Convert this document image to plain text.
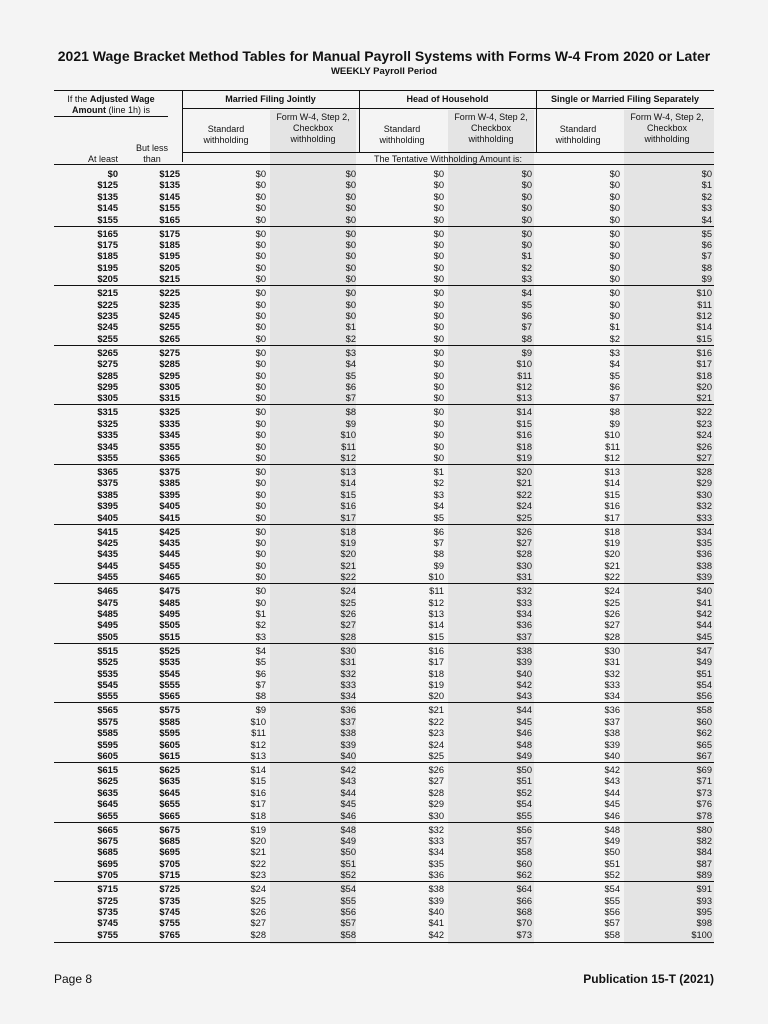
2021 Wage Bracket Method Tables for Manual Payroll Systems with Forms W-4 From 2020 or Later
WEEKLY Payroll Period
If the Adjusted Wage
Amount (line 1h) is
At least
But less
than
Married Filing Jointly	Head of Household	Single or Married Filing Separately
Standard
withholding
Form W-4, Step 2,
Checkbox
withholding
Standard
withholding
Form W-4, Step 2,
Checkbox
withholding
Standard
withholding
Form W-4, Step 2,
Checkbox
withholding
The Tentative Withholding Amount is:
$0	$125	$0	$0	$0	$0	$0	$0
$125	$135	$0	$0	$0	$0	$0	$1
$135	$145	$0	$0	$0	$0	$0	$2
$145	$155	$0	$0	$0	$0	$0	$3
$155	$165	$0	$0	$0	$0	$0	$4
$165	$175	$0	$0	$0	$0	$0	$5
$175	$185	$0	$0	$0	$0	$0	$6
$185	$195	$0	$0	$0	$1	$0	$7
$195	$205	$0	$0	$0	$2	$0	$8
$205	$215	$0	$0	$0	$3	$0	$9
$215	$225	$0	$0	$0	$4	$0	$10
$225	$235	$0	$0	$0	$5	$0	$11
$235	$245	$0	$0	$0	$6	$0	$12
$245	$255	$0	$1	$0	$7	$1	$14
$255	$265	$0	$2	$0	$8	$2	$15
$265	$275	$0	$3	$0	$9	$3	$16
$275	$285	$0	$4	$0	$10	$4	$17
$285	$295	$0	$5	$0	$11	$5	$18
$295	$305	$0	$6	$0	$12	$6	$20
$305	$315	$0	$7	$0	$13	$7	$21
$315	$325	$0	$8	$0	$14	$8	$22
$325	$335	$0	$9	$0	$15	$9	$23
$335	$345	$0	$10	$0	$16	$10	$24
$345	$355	$0	$11	$0	$18	$11	$26
$355	$365	$0	$12	$0	$19	$12	$27
$365	$375	$0	$13	$1	$20	$13	$28
$375	$385	$0	$14	$2	$21	$14	$29
$385	$395	$0	$15	$3	$22	$15	$30
$395	$405	$0	$16	$4	$24	$16	$32
$405	$415	$0	$17	$5	$25	$17	$33
$415	$425	$0	$18	$6	$26	$18	$34
$425	$435	$0	$19	$7	$27	$19	$35
$435	$445	$0	$20	$8	$28	$20	$36
$445	$455	$0	$21	$9	$30	$21	$38
$455	$465	$0	$22	$10	$31	$22	$39
$465	$475	$0	$24	$11	$32	$24	$40
$475	$485	$0	$25	$12	$33	$25	$41
$485	$495	$1	$26	$13	$34	$26	$42
$495	$505	$2	$27	$14	$36	$27	$44
$505	$515	$3	$28	$15	$37	$28	$45
$515	$525	$4	$30	$16	$38	$30	$47
$525	$535	$5	$31	$17	$39	$31	$49
$535	$545	$6	$32	$18	$40	$32	$51
$545	$555	$7	$33	$19	$42	$33	$54
$555	$565	$8	$34	$20	$43	$34	$56
$565	$575	$9	$36	$21	$44	$36	$58
$575	$585	$10	$37	$22	$45	$37	$60
$585	$595	$11	$38	$23	$46	$38	$62
$595	$605	$12	$39	$24	$48	$39	$65
$605	$615	$13	$40	$25	$49	$40	$67
$615	$625	$14	$42	$26	$50	$42	$69
$625	$635	$15	$43	$27	$51	$43	$71
$635	$645	$16	$44	$28	$52	$44	$73
$645	$655	$17	$45	$29	$54	$45	$76
$655	$665	$18	$46	$30	$55	$46	$78
$665	$675	$19	$48	$32	$56	$48	$80
$675	$685	$20	$49	$33	$57	$49	$82
$685	$695	$21	$50	$34	$58	$50	$84
$695	$705	$22	$51	$35	$60	$51	$87
$705	$715	$23	$52	$36	$62	$52	$89
$715	$725	$24	$54	$38	$64	$54	$91
$725	$735	$25	$55	$39	$66	$55	$93
$735	$745	$26	$56	$40	$68	$56	$95
$745	$755	$27	$57	$41	$70	$57	$98
$755	$765	$28	$58	$42	$73	$58	$100
Page 8	Publication 15-T (2021)
